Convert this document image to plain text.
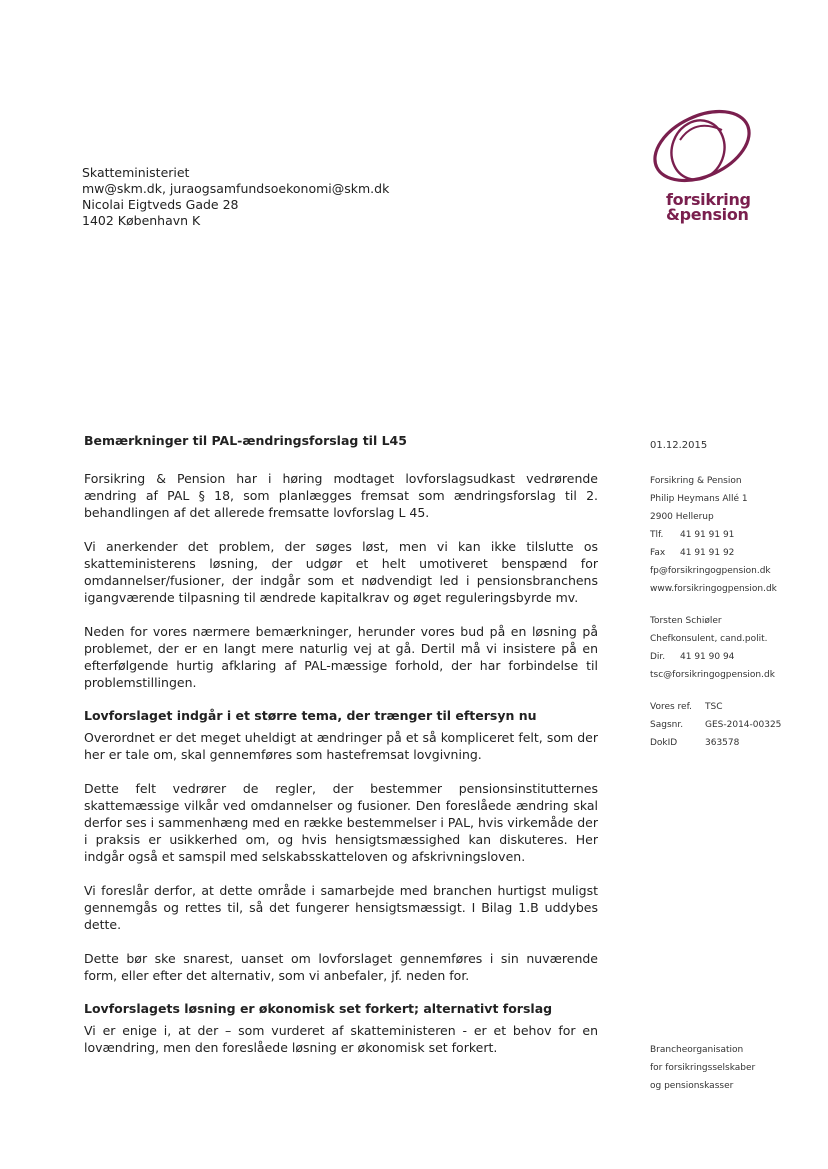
Skatteministeriet
mw@skm.dk, juraogsamfundsoekonomi@skm.dk
Nicolai Eigtveds Gade 28
1402 København K
forsikring
&pension
Bemærkninger til PAL-ændringsforslag til L45

Forsikring & Pension har i høring modtaget lovforslagsudkast vedrørende ændring af PAL § 18, som planlægges fremsat som ændringsforslag til 2. behandlingen af det allerede fremsatte lovforslag L 45.

Vi anerkender det problem, der søges løst, men vi kan ikke tilslutte os skatteministerens løsning, der udgør et helt umotiveret benspænd for omdannelser/fusioner, der indgår som et nødvendigt led i pensionsbranchens igangværende tilpasning til ændrede kapitalkrav og øget reguleringsbyrde mv.

Neden for vores nærmere bemærkninger, herunder vores bud på en løsning på problemet, der er en langt mere naturlig vej at gå. Dertil må vi insistere på en efterfølgende hurtig afklaring af PAL-mæssige forhold, der har forbindelse til problemstillingen.

Lovforslaget indgår i et større tema, der trænger til eftersyn nu

Overordnet er det meget uheldigt at ændringer på et så kompliceret felt, som der her er tale om, skal gennemføres som hastefremsat lovgivning.

Dette felt vedrører de regler, der bestemmer pensionsinstitutternes skattemæssige vilkår ved omdannelser og fusioner. Den foreslåede ændring skal derfor ses i sammenhæng med en række bestemmelser i PAL, hvis virkemåde der i praksis er usikkerhed om, og hvis hensigtsmæssighed kan diskuteres. Her indgår også et samspil med selskabsskatteloven og afskrivningsloven.

Vi foreslår derfor, at dette område i samarbejde med branchen hurtigst muligst gennemgås og rettes til, så det fungerer hensigtsmæssigt. I Bilag 1.B uddybes dette.

Dette bør ske snarest, uanset om lovforslaget gennemføres i sin nuværende form, eller efter det alternativ, som vi anbefaler, jf. neden for.

Lovforslagets løsning er økonomisk set forkert; alternativt forslag

Vi er enige i, at der – som vurderet af skatteministeren - er et behov for en lovændring, men den foreslåede løsning er økonomisk set forkert.

01.12.2015
Forsikring & Pension
Philip Heymans Allé 1
2900 Hellerup
Tlf. 41 91 91 91
Fax 41 91 91 92
fp@forsikringogpension.dk
www.forsikringogpension.dk
Torsten Schiøler
Chefkonsulent, cand.polit.
Dir. 41 91 90 94
tsc@forsikringogpension.dk
Vores ref. TSC
Sagsnr. GES-2014-00325
DokID	363578
Brancheorganisation
for forsikringsselskaber
og pensionskasser
